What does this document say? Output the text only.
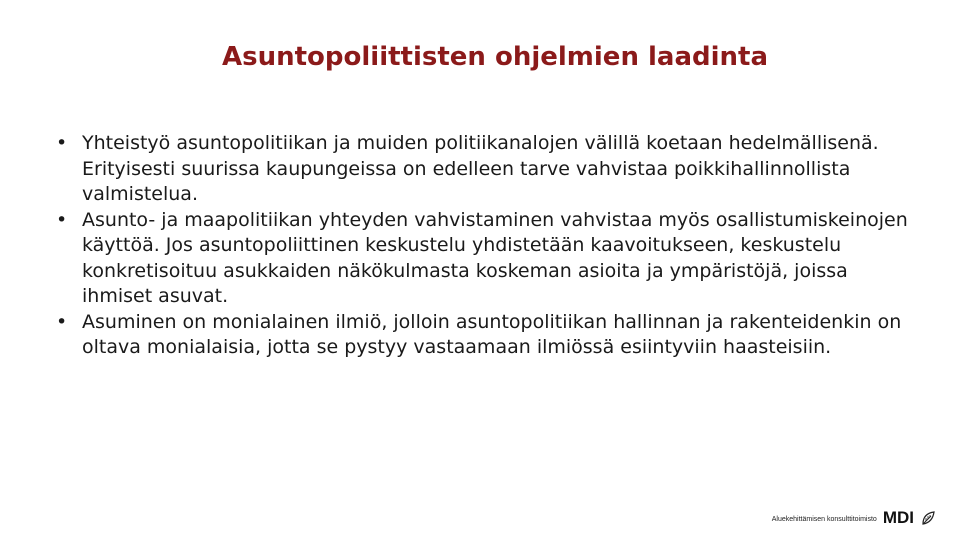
Asuntopoliittisten ohjelmien laadinta
• Yhteistyö asuntopolitiikan ja muiden politiikanalojen välillä koetaan hedelmällisenä. Erityisesti suurissa kaupungeissa on edelleen tarve vahvistaa poikkihallinnollista valmistelua.
• Asunto- ja maapolitiikan yhteyden vahvistaminen vahvistaa myös osallistumiskeinojen käyttöä. Jos asuntopoliittinen keskustelu yhdistetään kaavoitukseen, keskustelu konkretisoituu asukkaiden näkökulmasta koskeman asioita ja ympäristöjä, joissa ihmiset asuvat.
• Asuminen on monialainen ilmiö, jolloin asuntopolitiikan hallinnan ja rakenteidenkin on oltava monialaisia, jotta se pystyy vastaamaan ilmiössä esiintyviin haasteisiin.
Aluekehittämisen konsulttitoimisto MDI
